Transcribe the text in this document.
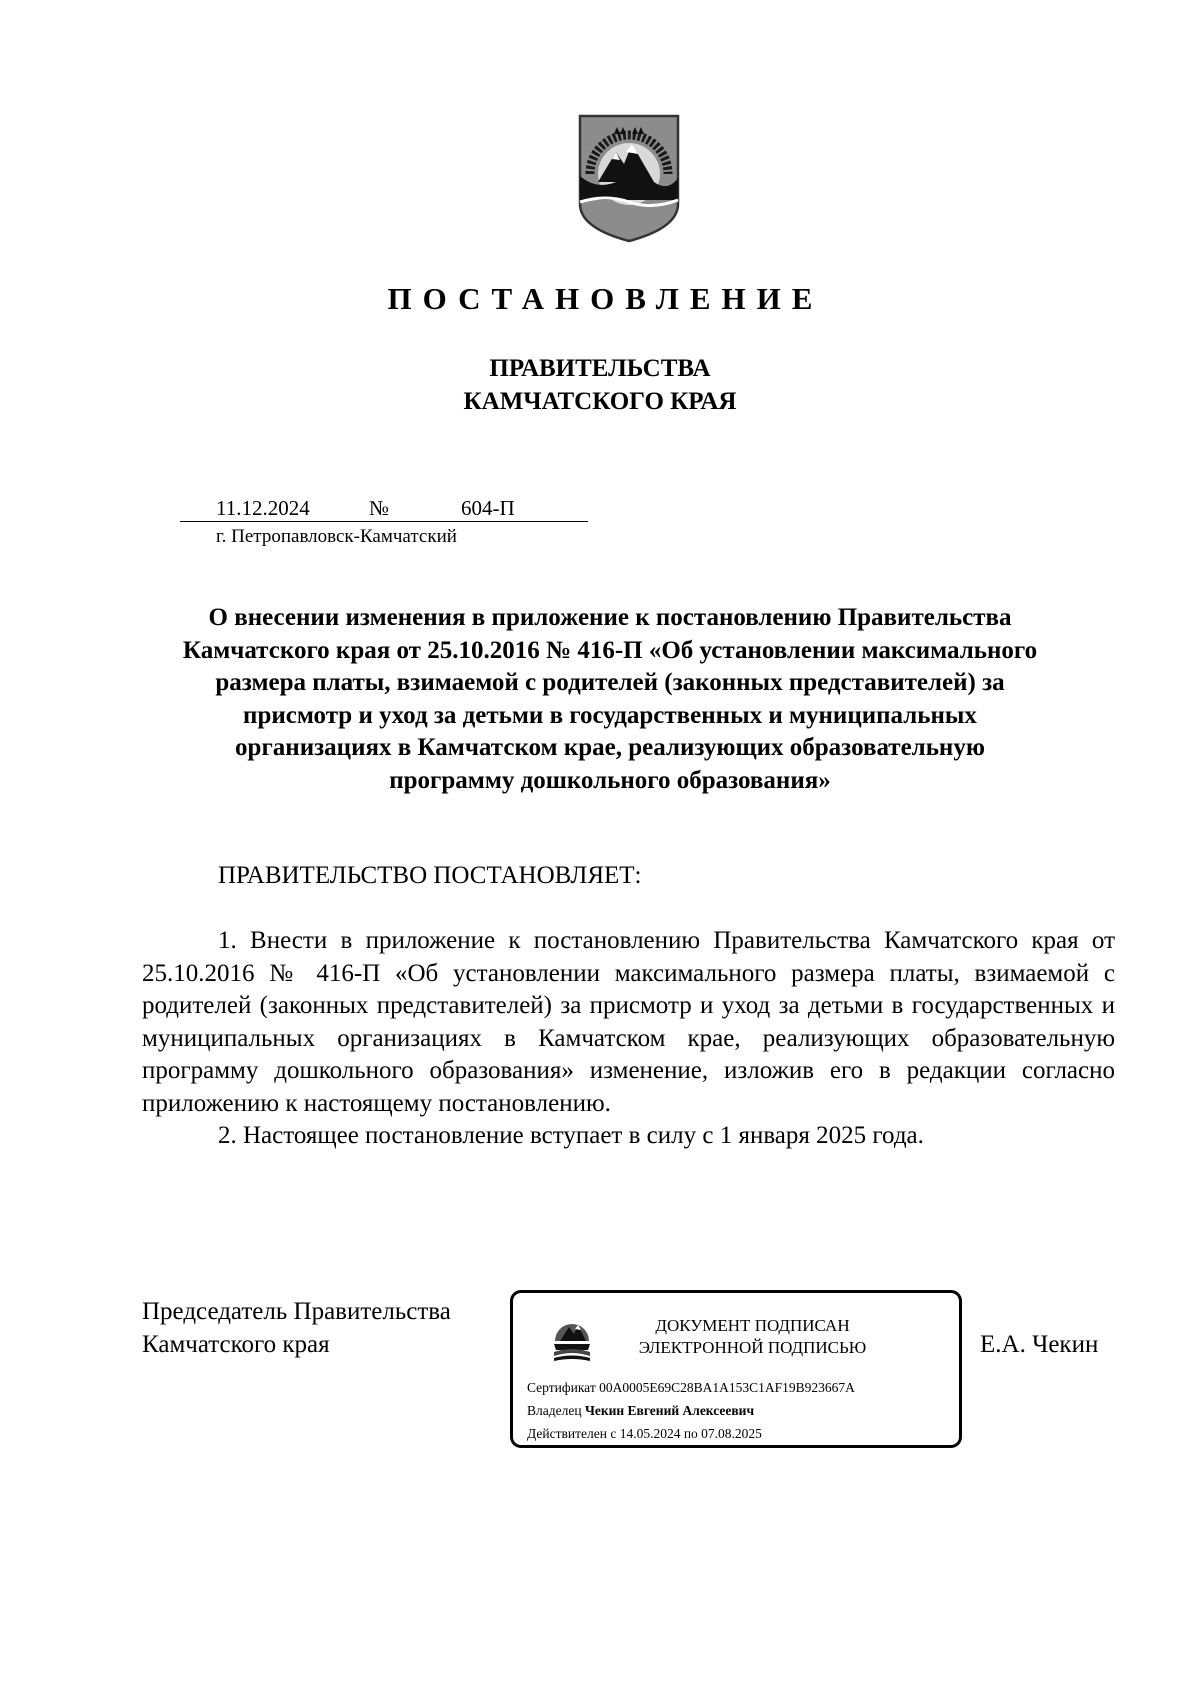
ПОСТАНОВЛЕНИЕ
ПРАВИТЕЛЬСТВА
КАМЧАТСКОГО КРАЯ
11.12.2024	№	604-П
г. Петропавловск-Камчатский
О внесении изменения в приложение к постановлению Правительства
Камчатского края от 25.10.2016 № 416-П «Об установлении максимального
размера платы, взимаемой с родителей (законных представителей) за
присмотр и уход за детьми в государственных и муниципальных
организациях в Камчатском крае, реализующих образовательную
программу дошкольного образования»
ПРАВИТЕЛЬСТВО ПОСТАНОВЛЯЕТ:

1. Внести в приложение к постановлению Правительства Камчатского края от 25.10.2016 № 416-П «Об установлении максимального размера платы, взимаемой с родителей (законных представителей) за присмотр и уход за детьми в государственных и муниципальных организациях в Камчатском крае, реализующих образовательную программу дошкольного образования» изменение, изложив его в редакции согласно приложению к настоящему постановлению.

2. Настоящее постановление вступает в силу с 1 января 2025 года.

Председатель Правительства
Камчатского края	Е.А. Чекин
ДОКУМЕНТ ПОДПИСАН
ЭЛЕКТРОННОЙ ПОДПИСЬЮ
Сертификат 00A0005E69C28BA1A153C1AF19B923667A
Владелец Чекин Евгений Алексеевич
Действителен с 14.05.2024 по 07.08.2025
